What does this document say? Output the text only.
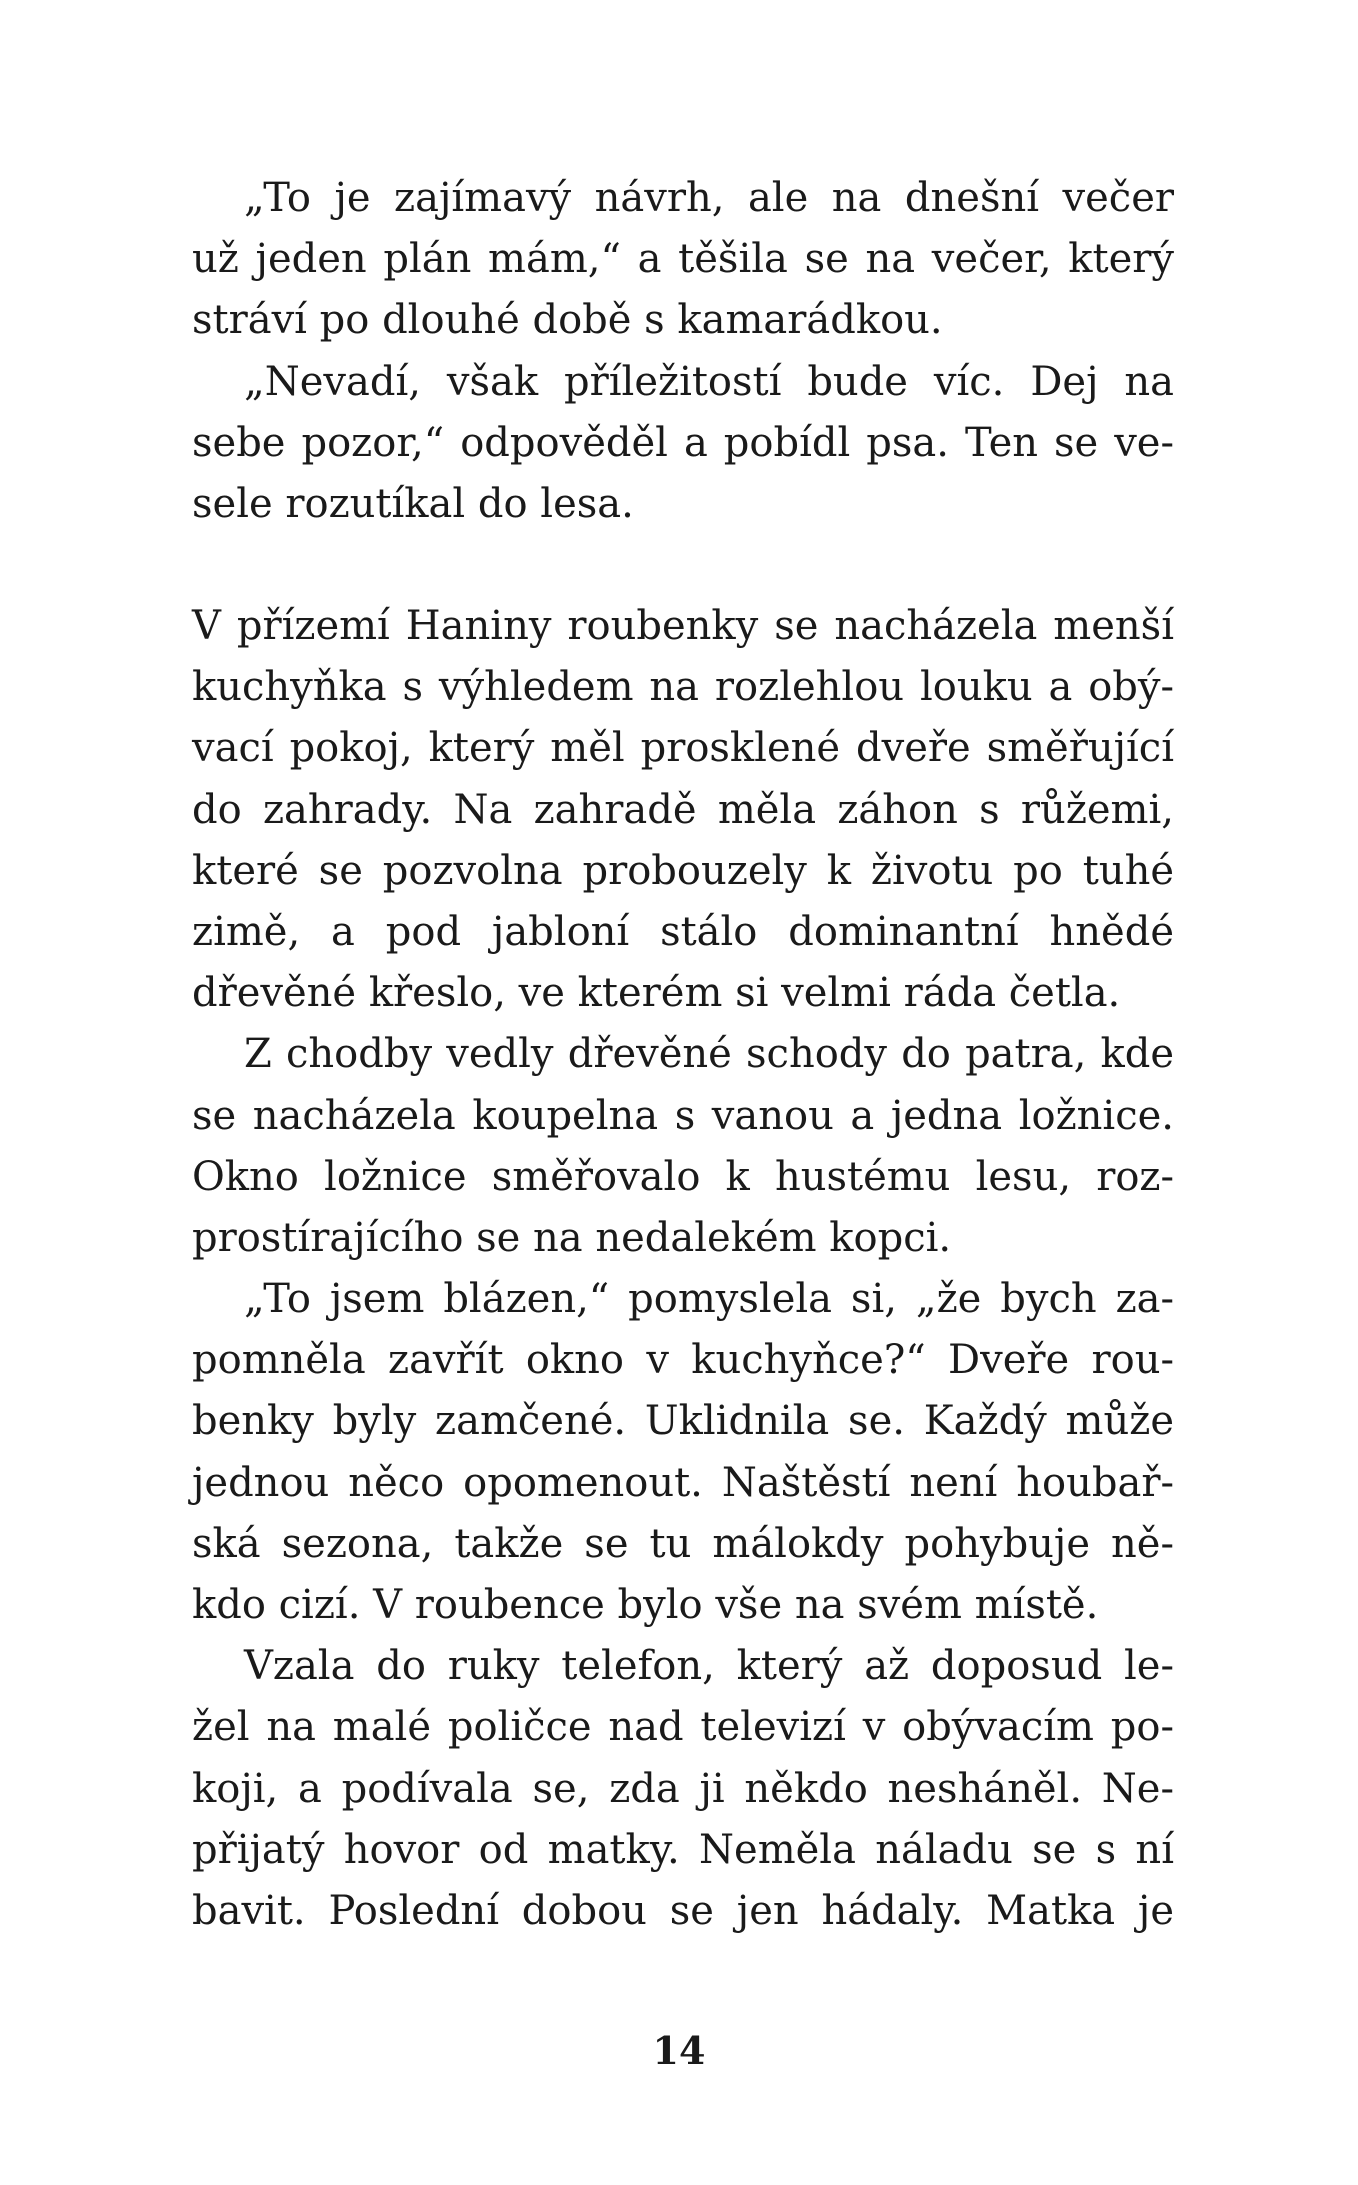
„To je zajímavý návrh, ale na dnešní večer
už jeden plán mám,“ a těšila se na večer, který
stráví po dlouhé době s kamarádkou.
„Nevadí, však příležitostí bude víc. Dej na
sebe pozor,“ odpověděl a pobídl psa. Ten se ve-
sele rozutíkal do lesa.
V přízemí Haniny roubenky se nacházela menší
kuchyňka s výhledem na rozlehlou louku a obý-
vací pokoj, který měl prosklené dveře směřující
do zahrady. Na zahradě měla záhon s růžemi,
které se pozvolna probouzely k životu po tuhé
zimě, a pod jabloní stálo dominantní hnědé
dřevěné křeslo, ve kterém si velmi ráda četla.
Z chodby vedly dřevěné schody do patra, kde
se nacházela koupelna s vanou a jedna ložnice.
Okno ložnice směřovalo k hustému lesu, roz-
prostírajícího se na nedalekém kopci.
„To jsem blázen,“ pomyslela si, „že bych za-
pomněla zavřít okno v kuchyňce?“ Dveře rou-
benky byly zamčené. Uklidnila se. Každý může
jednou něco opomenout. Naštěstí není houbař-
ská sezona, takže se tu málokdy pohybuje ně-
kdo cizí. V roubence bylo vše na svém místě.
Vzala do ruky telefon, který až doposud le-
žel na malé poličce nad televizí v obývacím po-
koji, a podívala se, zda ji někdo nesháněl. Ne-
přijatý hovor od matky. Neměla náladu se s ní
bavit. Poslední dobou se jen hádaly. Matka je
14
